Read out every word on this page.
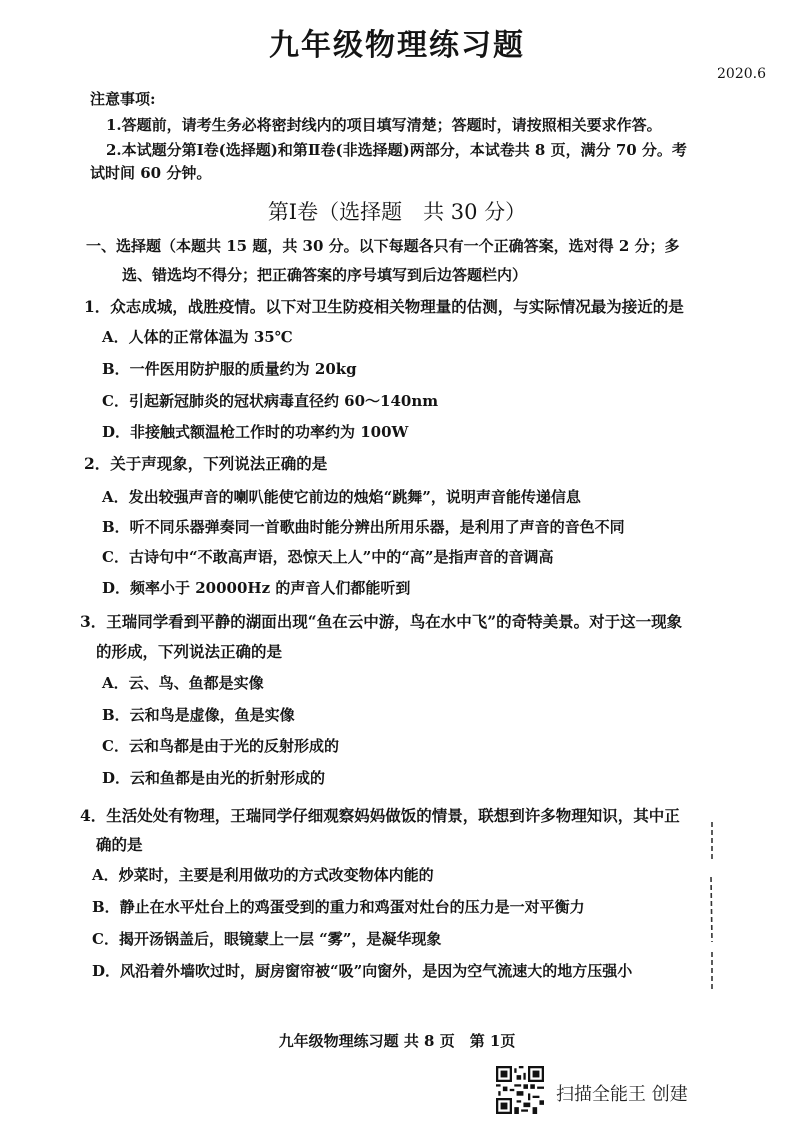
九年级物理练习题
2020.6
注意事项:
1.答题前，请考生务必将密封线内的项目填写清楚；答题时，请按照相关要求作答。
2.本试题分第Ⅰ卷(选择题)和第Ⅱ卷(非选择题)两部分，本试卷共 8 页，满分 70 分。考
试时间 60 分钟。
第Ⅰ卷（选择题　共 30 分）
一、选择题（本题共 15 题，共 30 分。以下每题各只有一个正确答案，选对得 2 分；多
选、错选均不得分；把正确答案的序号填写到后边答题栏内）
1．众志成城，战胜疫情。以下对卫生防疫相关物理量的估测，与实际情况最为接近的是
A．人体的正常体温为 35℃
B．一件医用防护服的质量约为 20kg
C．引起新冠肺炎的冠状病毒直径约 60～140nm
D．非接触式额温枪工作时的功率约为 100W
2．关于声现象，下列说法正确的是
A．发出较强声音的喇叭能使它前边的烛焰“跳舞”，说明声音能传递信息
B．听不同乐器弹奏同一首歌曲时能分辨出所用乐器，是利用了声音的音色不同
C．古诗句中“不敢高声语，恐惊天上人”中的“高”是指声音的音调高
D．频率小于 20000Hz 的声音人们都能听到
3．王瑞同学看到平静的湖面出现“鱼在云中游，鸟在水中飞”的奇特美景。对于这一现象
的形成，下列说法正确的是
A．云、鸟、鱼都是实像
B．云和鸟是虚像，鱼是实像
C．云和鸟都是由于光的反射形成的
D．云和鱼都是由光的折射形成的
4．生活处处有物理，王瑞同学仔细观察妈妈做饭的情景，联想到许多物理知识，其中正
确的是
A．炒菜时，主要是利用做功的方式改变物体内能的
B．静止在水平灶台上的鸡蛋受到的重力和鸡蛋对灶台的压力是一对平衡力
C．揭开汤锅盖后，眼镜蒙上一层 “雾”，是凝华现象
D．风沿着外墙吹过时，厨房窗帘被“吸”向窗外，是因为空气流速大的地方压强小
九年级物理练习题 共 8 页　第 1页
扫描全能王 创建
